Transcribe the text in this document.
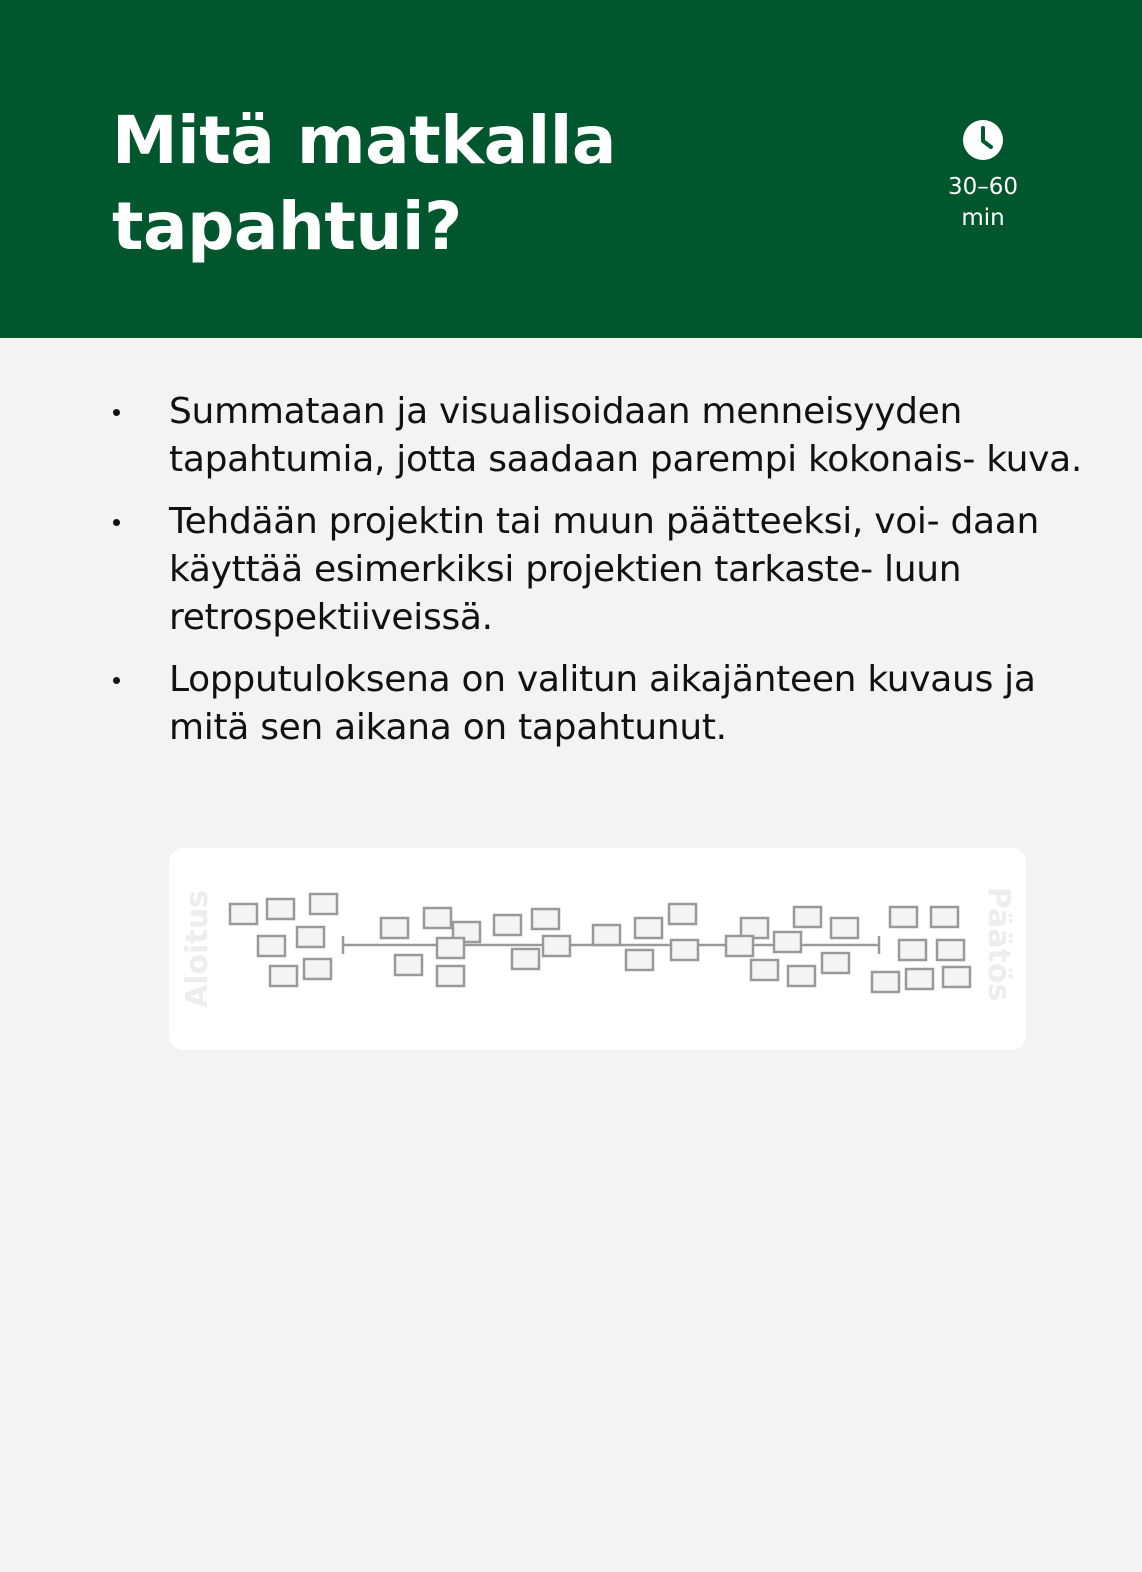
Mitä matkalla
tapahtui?
30–60
min
Summataan ja visualisoidaan menneisyyden tapahtumia, jotta saadaan parempi kokonais- kuva.
Tehdään projektin tai muun päätteeksi, voi- daan käyttää esimerkiksi projektien tarkaste- luun retrospektiiveissä.
Lopputuloksena on valitun aikajänteen kuvaus ja mitä sen aikana on tapahtunut.
Aloitus	Päätös
